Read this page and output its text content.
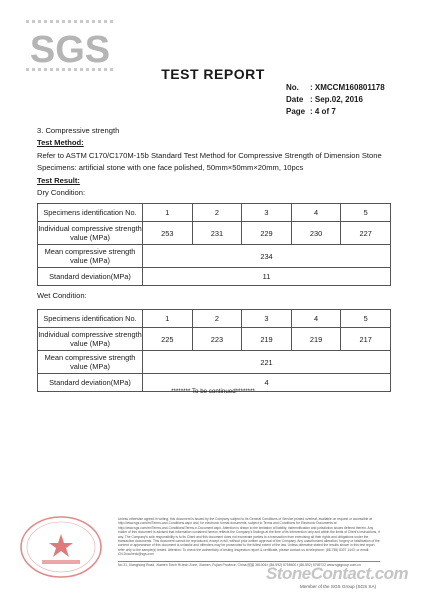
SGS
TEST REPORT
No.	: XMCCM160801178
Date : Sep.02, 2016
Page : 4 of 7
3. Compressive strength
Test Method:
Refer to ASTM C170/C170M-15b Standard Test Method for Compressive Strength of Dimension Stone
Specimens: artificial stone with one face polished, 50mm×50mm×20mm, 10pcs
Test Result:
Dry Condition:
Specimens identification No.	1	2	3	4	5
Individual compressive strength value (MPa)	253	231	229	230	227
Mean compressive strength value (MPa)	234				
Standard deviation(MPa)	11				
Wet Condition:
Specimens identification No.	1	2	3	4	5
Individual compressive strength value (MPa)	225	223	219	219	217
Mean compressive strength value (MPa)	221				
Standard deviation(MPa)	4				
******** To be continued********
Unless otherwise agreed in writing, this document is issued by the Company subject to its General Conditions of Service printed overleaf, available on request or accessible at http://www.sgs.com/en/Terms-and-Conditions.aspx and, for electronic format documents, subject to Terms and Conditions for Electronic Documents at http://www.sgs.com/en/Terms-and-Conditions/Terms-e-Document.aspx. Attention is drawn to the limitation of liability, indemnification and jurisdiction issues defined therein. Any holder of this document is advised that information contained hereon reflects the Company's findings at the time of its intervention only and within the limits of Client's instructions, if any. The Company's sole responsibility is to its Client and this document does not exonerate parties to a transaction from exercising all their rights and obligations under the transaction documents. This document cannot be reproduced, except in full, without prior written approval of the Company. Any unauthorized alteration, forgery or falsification of the content or appearance of this document is unlawful and offenders may be prosecuted to the fullest extent of the law. Unless otherwise stated the results shown in this test report refer only to the sample(s) tested. Attention: To check the authenticity of testing /inspection report & certificate, please contact us at telephone: (86-755) 8307 1443, or email: CN.Doccheck@sgs.com
No.31, Xianghong Road, Xiamen Torch Hi-tech Zone, Xiamen, Fujian Province, China 邮编 361006 t (86-592) 5755600 f (86-592) 5765722 www.sgsgroup.com.cn
StoneContact.com
Member of the SGS Group (SGS SA)
